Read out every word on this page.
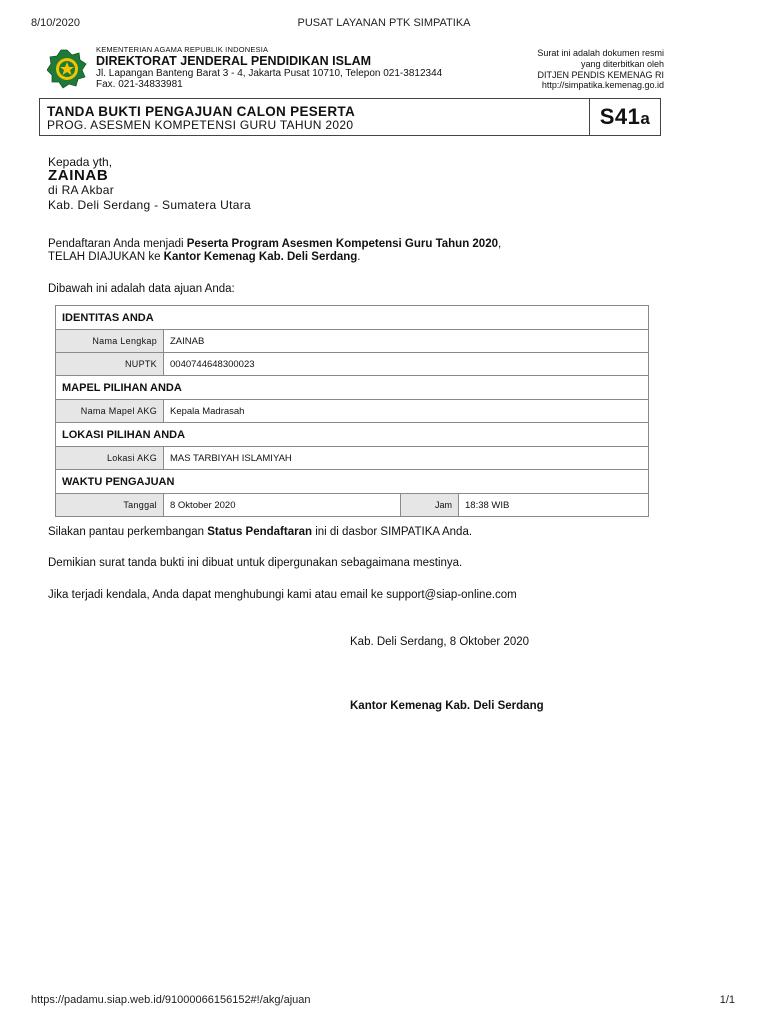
8/10/2020	PUSAT LAYANAN PTK SIMPATIKA
KEMENTERIAN AGAMA REPUBLIK INDONESIA
DIREKTORAT JENDERAL PENDIDIKAN ISLAM
Jl. Lapangan Banteng Barat 3 - 4, Jakarta Pusat 10710, Telepon 021-3812344
Fax. 021-34833981
Surat ini adalah dokumen resmi
yang diterbitkan oleh
DITJEN PENDIS KEMENAG RI
http://simpatika.kemenag.go.id
TANDA BUKTI PENGAJUAN CALON PESERTA
PROG. ASESMEN KOMPETENSI GURU TAHUN 2020	S41a
Kepada yth,
ZAINAB
di RA Akbar
Kab. Deli Serdang - Sumatera Utara
Pendaftaran Anda menjadi Peserta Program Asesmen Kompetensi Guru Tahun 2020,
TELAH DIAJUKAN ke Kantor Kemenag Kab. Deli Serdang.
Dibawah ini adalah data ajuan Anda:
IDENTITAS ANDA			
Nama Lengkap	ZAINAB		
NUPTK	0040744648300023		
MAPEL PILIHAN ANDA			
Nama Mapel AKG	Kepala Madrasah		
LOKASI PILIHAN ANDA			
Lokasi AKG	MAS TARBIYAH ISLAMIYAH		
WAKTU PENGAJUAN			
Tanggal	8 Oktober 2020	Jam	18:38 WIB
Silakan pantau perkembangan Status Pendaftaran ini di dasbor SIMPATIKA Anda.
Demikian surat tanda bukti ini dibuat untuk dipergunakan sebagaimana mestinya.
Jika terjadi kendala, Anda dapat menghubungi kami atau email ke support@siap-online.com
Kab. Deli Serdang, 8 Oktober 2020
Kantor Kemenag Kab. Deli Serdang
https://padamu.siap.web.id/91000066156152#!/akg/ajuan	1/1
